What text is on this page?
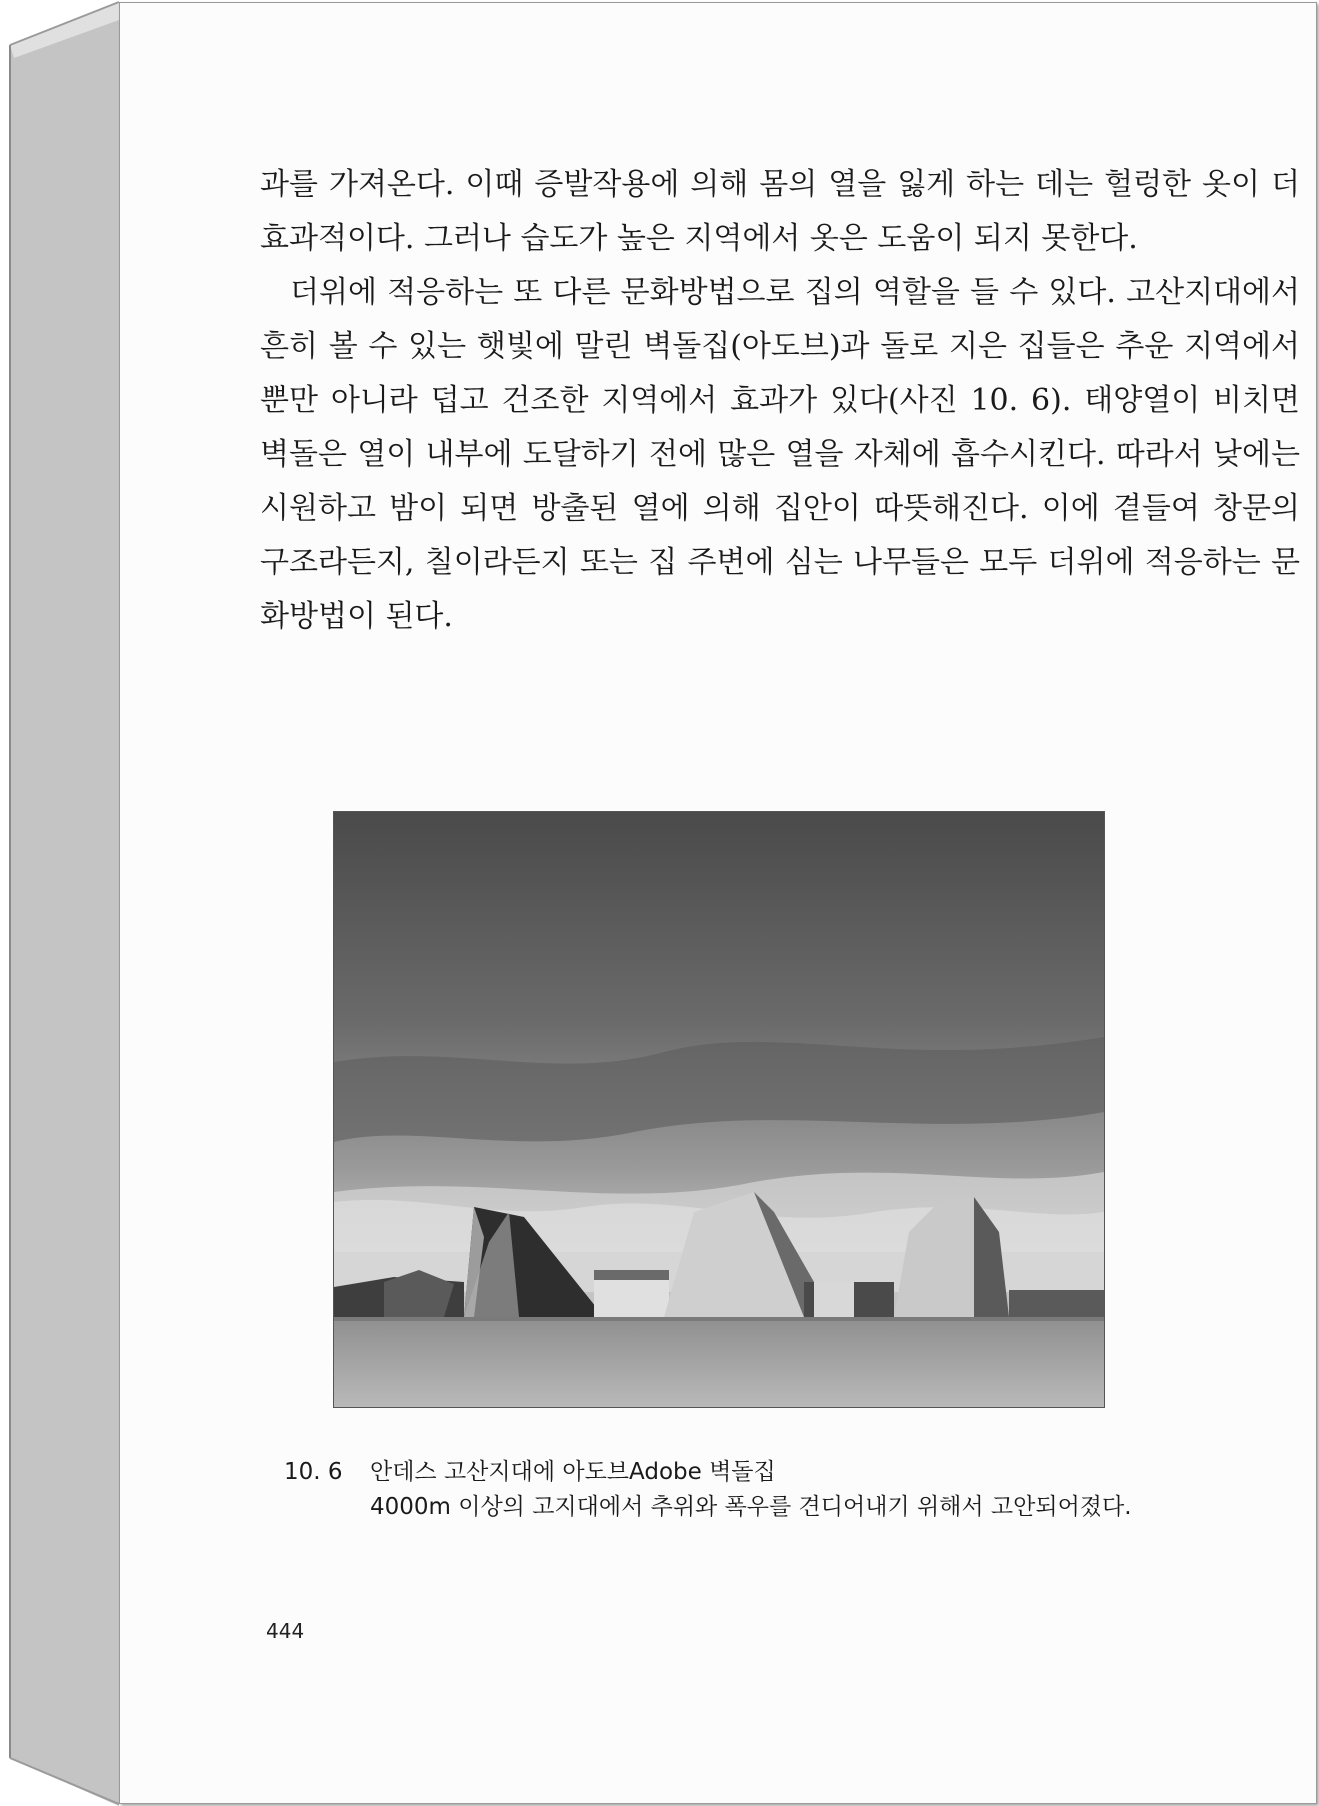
과를 가져온다. 이때 증발작용에 의해 몸의 열을 잃게 하는 데는 헐렁한 옷이 더 효과적이다. 그러나 습도가 높은 지역에서 옷은 도움이 되지 못한다.

더위에 적응하는 또 다른 문화방법으로 집의 역할을 들 수 있다. 고산지대에서 흔히 볼 수 있는 햇빛에 말린 벽돌집(아도브)과 돌로 지은 집들은 추운 지역에서뿐만 아니라 덥고 건조한 지역에서 효과가 있다(사진 10. 6). 태양열이 비치면 벽돌은 열이 내부에 도달하기 전에 많은 열을 자체에 흡수시킨다. 따라서 낮에는 시원하고 밤이 되면 방출된 열에 의해 집안이 따뜻해진다. 이에 곁들여 창문의 구조라든지, 칠이라든지 또는 집 주변에 심는 나무들은 모두 더위에 적응하는 문화방법이 된다.

10. 6	안데스 고산지대에 아도브Adobe 벽돌집
4000m 이상의 고지대에서 추위와 폭우를 견디어내기 위해서 고안되어졌다.
444
